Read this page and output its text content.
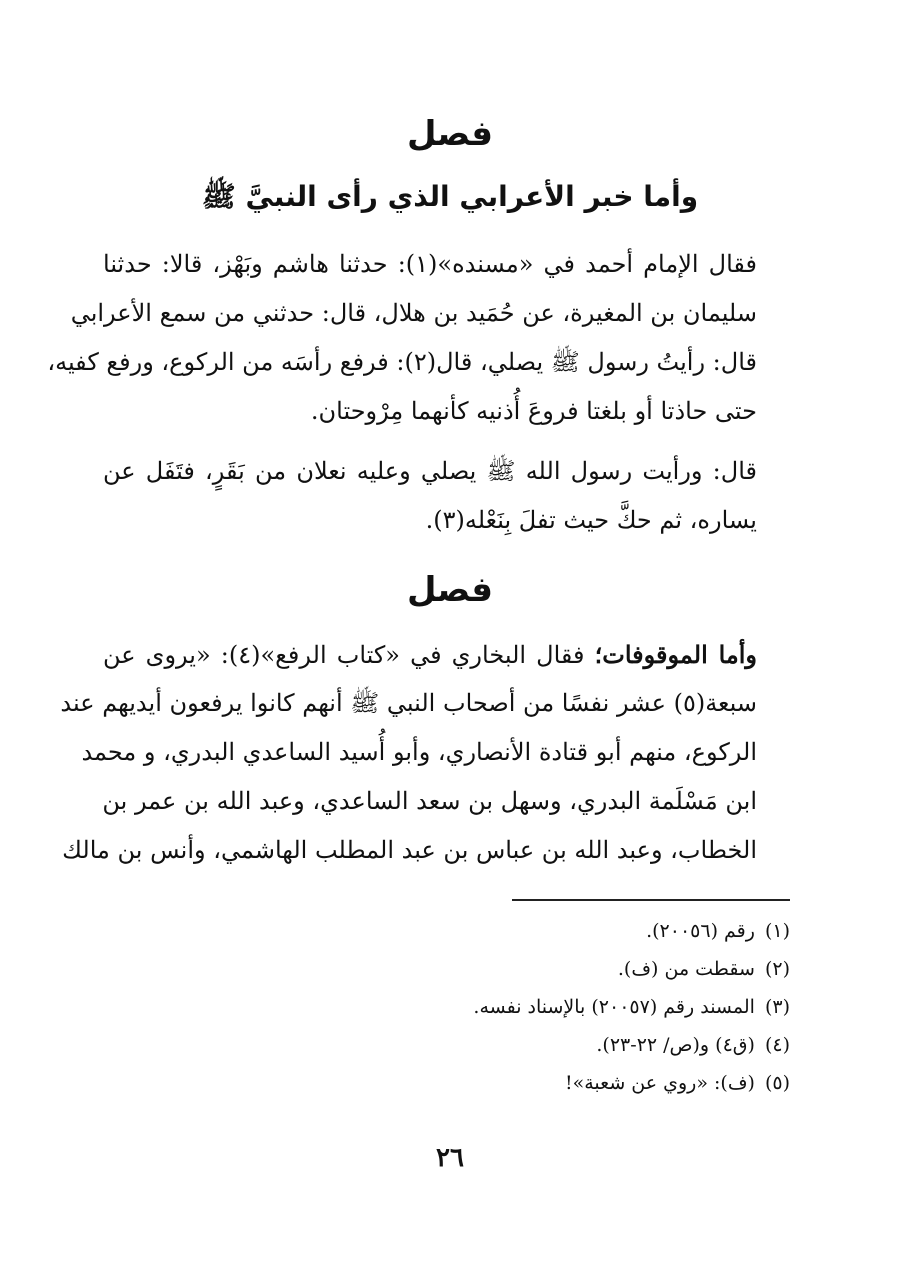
فصل
وأما خبر الأعرابي الذي رأى النبيَّ ﷺ
فقال الإمام أحمد في «مسنده»(١): حدثنا هاشم وبَهْز، قالا: حدثنا
سليمان بن المغيرة، عن حُمَيد بن هلال، قال: حدثني من سمع الأعرابي
قال: رأيتُ رسول ﷺ يصلي، قال(٢): فرفع رأسَه من الركوع، ورفع كفيه،
حتى حاذتا أو بلغتا فروعَ أُذنيه كأنهما مِرْوحتان.
قال: ورأيت رسول الله ﷺ يصلي وعليه نعلان من بَقَرٍ، فتَفَل عن
يساره، ثم حكَّ حيث تفلَ بِنَعْله(٣).
فصل
وأما الموقوفات؛ فقال البخاري في «كتاب الرفع»(٤): «يروى عن
سبعة(٥) عشر نفسًا من أصحاب النبي ﷺ أنهم كانوا يرفعون أيديهم عند
الركوع، منهم أبو قتادة الأنصاري، وأبو أُسيد الساعدي البدري، و محمد
ابن مَسْلَمة البدري، وسهل بن سعد الساعدي، وعبد الله بن عمر بن
الخطاب، وعبد الله بن عباس بن عبد المطلب الهاشمي، وأنس بن مالك
(١)رقم (٢٠٠٥٦).
(٢)سقطت من (ف).
(٣)المسند رقم (٢٠٠٥٧) بالإسناد نفسه.
(٤)(ق٤) و(ص/ ٢٢-٢٣).
(٥)(ف): «روي عن شعبة»!
٢٦
